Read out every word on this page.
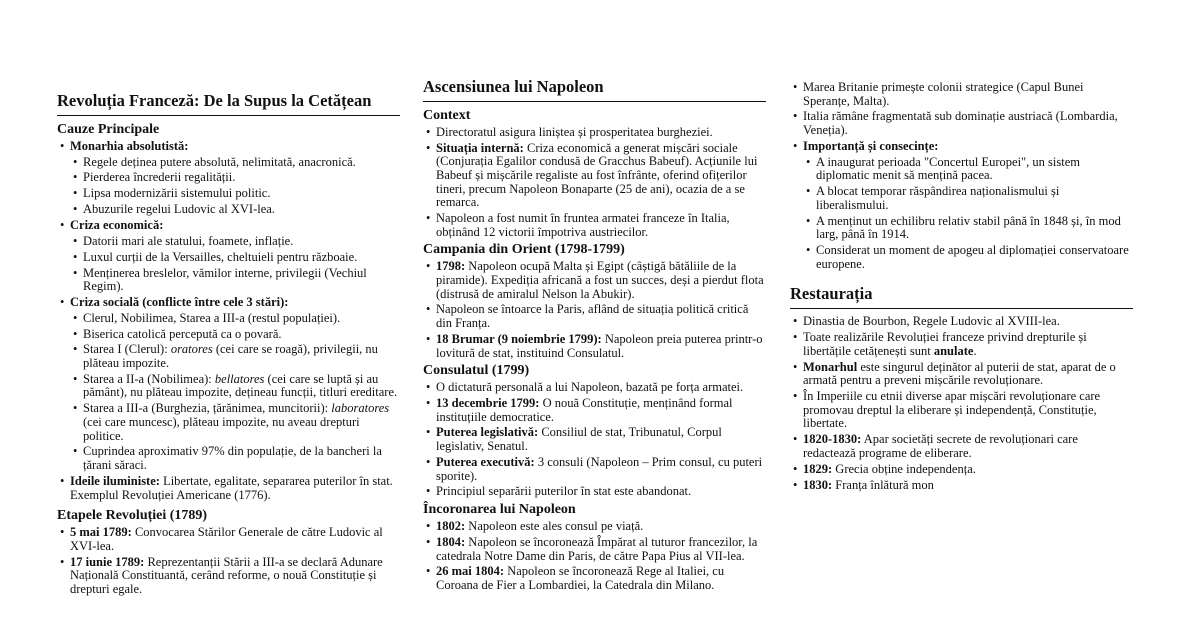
Revoluția Franceză: De la Supus la Cetățean
Cauze Principale
• Monarhia absolutistă:
• Regele deținea putere absolută, nelimitată, anacronică.
• Pierderea încrederii regalității.
• Lipsa modernizării sistemului politic.
• Abuzurile regelui Ludovic al XVI-lea.
• Criza economică:
• Datorii mari ale statului, foamete, inflație.
• Luxul curții de la Versailles, cheltuieli pentru războaie.
• Menținerea breslelor, vămilor interne, privilegii (Vechiul Regim).
• Criza socială (conflicte între cele 3 stări):
• Clerul, Nobilimea, Starea a III-a (restul populației).
• Biserica catolică percepută ca o povară.
• Starea I (Clerul): oratores (cei care se roagă), privilegii, nu plăteau impozite.
• Starea a II-a (Nobilimea): bellatores (cei care se luptă și au pământ), nu plăteau impozite, dețineau funcții, titluri ereditare.
• Starea a III-a (Burghezia, țărănimea, muncitorii): laboratores (cei care muncesc), plăteau impozite, nu aveau drepturi politice.
• Cuprindea aproximativ 97% din populație, de la bancheri la țărani săraci.
• Ideile iluministe: Libertate, egalitate, separarea puterilor în stat. Exemplul Revoluției Americane (1776).
Etapele Revoluției (1789)
• 5 mai 1789: Convocarea Stărilor Generale de către Ludovic al XVI-lea.
• 17 iunie 1789: Reprezentanții Stării a III-a se declară Adunare Națională Constituantă, cerând reforme, o nouă Constituție și drepturi egale.
Ascensiunea lui Napoleon
Context
• Directoratul asigura liniștea și prosperitatea burgheziei.
• Situația internă: Criza economică a generat mișcări sociale (Conjurația Egalilor condusă de Gracchus Babeuf). Acțiunile lui Babeuf și mișcările regaliste au fost înfrânte, oferind ofițerilor tineri, precum Napoleon Bonaparte (25 de ani), ocazia de a se remarca.
• Napoleon a fost numit în fruntea armatei franceze în Italia, obținând 12 victorii împotriva austriecilor.
Campania din Orient (1798-1799)
• 1798: Napoleon ocupă Malta și Egipt (câștigă bătăliile de la piramide). Expediția africană a fost un succes, deși a pierdut flota (distrusă de amiralul Nelson la Abukir).
• Napoleon se întoarce la Paris, aflând de situația politică critică din Franța.
• 18 Brumar (9 noiembrie 1799): Napoleon preia puterea printr-o lovitură de stat, instituind Consulatul.
Consulatul (1799)
• O dictatură personală a lui Napoleon, bazată pe forța armatei.
• 13 decembrie 1799: O nouă Constituție, menținând formal instituțiile democratice.
• Puterea legislativă: Consiliul de stat, Tribunatul, Corpul legislativ, Senatul.
• Puterea executivă: 3 consuli (Napoleon – Prim consul, cu puteri sporite).
• Principiul separării puterilor în stat este abandonat.
Încoronarea lui Napoleon
• 1802: Napoleon este ales consul pe viață.
• 1804: Napoleon se încoronează Împărat al tuturor francezilor, la catedrala Notre Dame din Paris, de către Papa Pius al VII-lea.
• 26 mai 1804: Napoleon se încoronează Rege al Italiei, cu Coroana de Fier a Lombardiei, la Catedrala din Milano.
• Marea Britanie primește colonii strategice (Capul Bunei Speranțe, Malta).
• Italia rămâne fragmentată sub dominație austriacă (Lombardia, Veneția).
• Importanță și consecințe:
• A inaugurat perioada "Concertul Europei", un sistem diplomatic menit să mențină pacea.
• A blocat temporar răspândirea naționalismului și liberalismului.
• A menținut un echilibru relativ stabil până în 1848 și, în mod larg, până în 1914.
• Considerat un moment de apogeu al diplomației conservatoare europene.
Restaurația
• Dinastia de Bourbon, Regele Ludovic al XVIII-lea.
• Toate realizările Revoluției franceze privind drepturile și libertățile cetățenești sunt anulate.
• Monarhul este singurul deținător al puterii de stat, aparat de o armată pentru a preveni mișcările revoluționare.
• În Imperiile cu etnii diverse apar mișcări revoluționare care promovau dreptul la eliberare și independență, Constituție, libertate.
• 1820-1830: Apar societăți secrete de revoluționari care redactează programe de eliberare.
• 1829: Grecia obține independența.
• 1830: Franța înlătură mon
